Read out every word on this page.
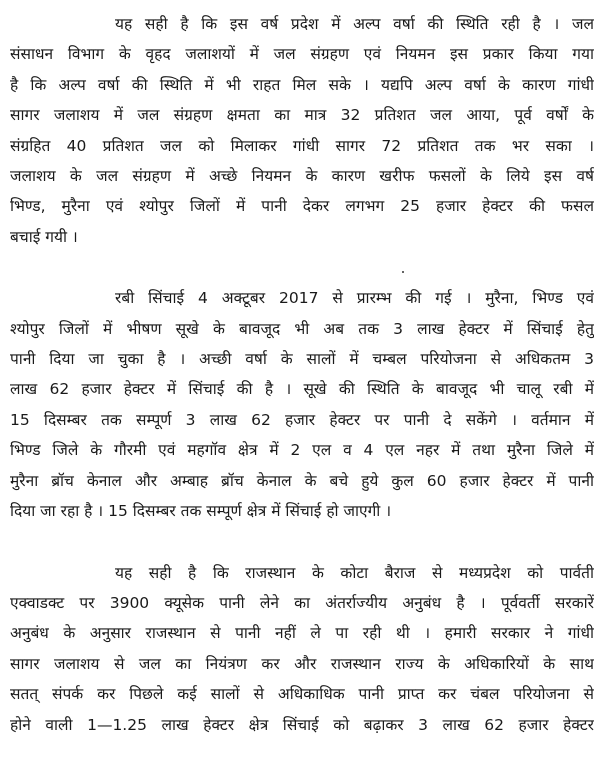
यह सही है कि इस वर्ष प्रदेश में अल्प वर्षा की स्थिति रही है । जल
संसाधन विभाग के वृहद जलाशयों में जल संग्रहण एवं नियमन इस प्रकार किया गया
है कि अल्प वर्षा की स्थिति में भी राहत मिल सके । यद्यपि अल्प वर्षा के कारण गांधी
सागर जलाशय में जल संग्रहण क्षमता का मात्र 32 प्रतिशत जल आया, पूर्व वर्षों के
संग्रहित 40 प्रतिशत जल को मिलाकर गांधी सागर 72 प्रतिशत तक भर सका ।
जलाशय के जल संग्रहण में अच्छे नियमन के कारण खरीफ फसलों के लिये इस वर्ष
भिण्ड, मुरैना एवं श्योपुर जिलों में पानी देकर लगभग 25 हजार हेक्टर की फसल
बचाई गयी ।
रबी सिंचाई 4 अक्टूबर 2017 से प्रारम्भ की गई । मुरैना, भिण्ड एवं
श्योपुर जिलों में भीषण सूखे के बावजूद भी अब तक 3 लाख हेक्टर में सिंचाई हेतु
पानी दिया जा चुका है । अच्छी वर्षा के सालों में चम्बल परियोजना से अधिकतम 3
लाख 62 हजार हेक्टर में सिंचाई की है । सूखे की स्थिति के बावजूद भी चालू रबी में
15 दिसम्बर तक सम्पूर्ण 3 लाख 62 हजार हेक्टर पर पानी दे सकेंगे । वर्तमान में
भिण्ड जिले के गौरमी एवं महगॉव क्षेत्र में 2 एल व 4 एल नहर में तथा मुरैना जिले में
मुरैना ब्रॉच केनाल और अम्बाह ब्रॉच केनाल के बचे हुये कुल 60 हजार हेक्टर में पानी
दिया जा रहा है । 15 दिसम्बर तक सम्पूर्ण क्षेत्र में सिंचाई हो जाएगी ।
यह सही है कि राजस्थान के कोटा बैराज से मध्यप्रदेश को पार्वती
एक्वाडक्ट पर 3900 क्यूसेक पानी लेने का अंतर्राज्यीय अनुबंध है । पूर्ववर्ती सरकारें
अनुबंध के अनुसार राजस्थान से पानी नहीं ले पा रही थी । हमारी सरकार ने गांधी
सागर जलाशय से जल का नियंत्रण कर और राजस्थान राज्य के अधिकारियों के साथ
सतत् संपर्क कर पिछले कई सालों से अधिकाधिक पानी प्राप्त कर चंबल परियोजना से
होने वाली 1—1.25 लाख हेक्टर क्षेत्र सिंचाई को बढ़ाकर 3 लाख 62 हजार हेक्टर
